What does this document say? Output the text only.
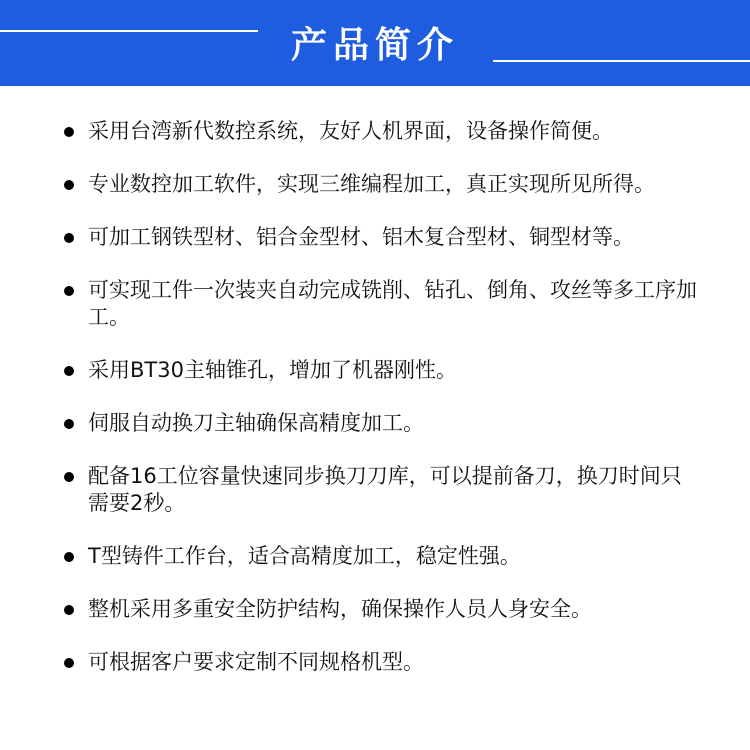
产品简介
采用台湾新代数控系统，友好人机界面，设备操作简便。
专业数控加工软件，实现三维编程加工，真正实现所见所得。
可加工钢铁型材、铝合金型材、铝木复合型材、铜型材等。
可实现工件一次装夹自动完成铣削、钻孔、倒角、攻丝等多工序加工。
采用BT30主轴锥孔，增加了机器刚性。
伺服自动换刀主轴确保高精度加工。
配备16工位容量快速同步换刀刀库，可以提前备刀，换刀时间只需要2秒。
T型铸件工作台，适合高精度加工，稳定性强。
整机采用多重安全防护结构，确保操作人员人身安全。
可根据客户要求定制不同规格机型。
